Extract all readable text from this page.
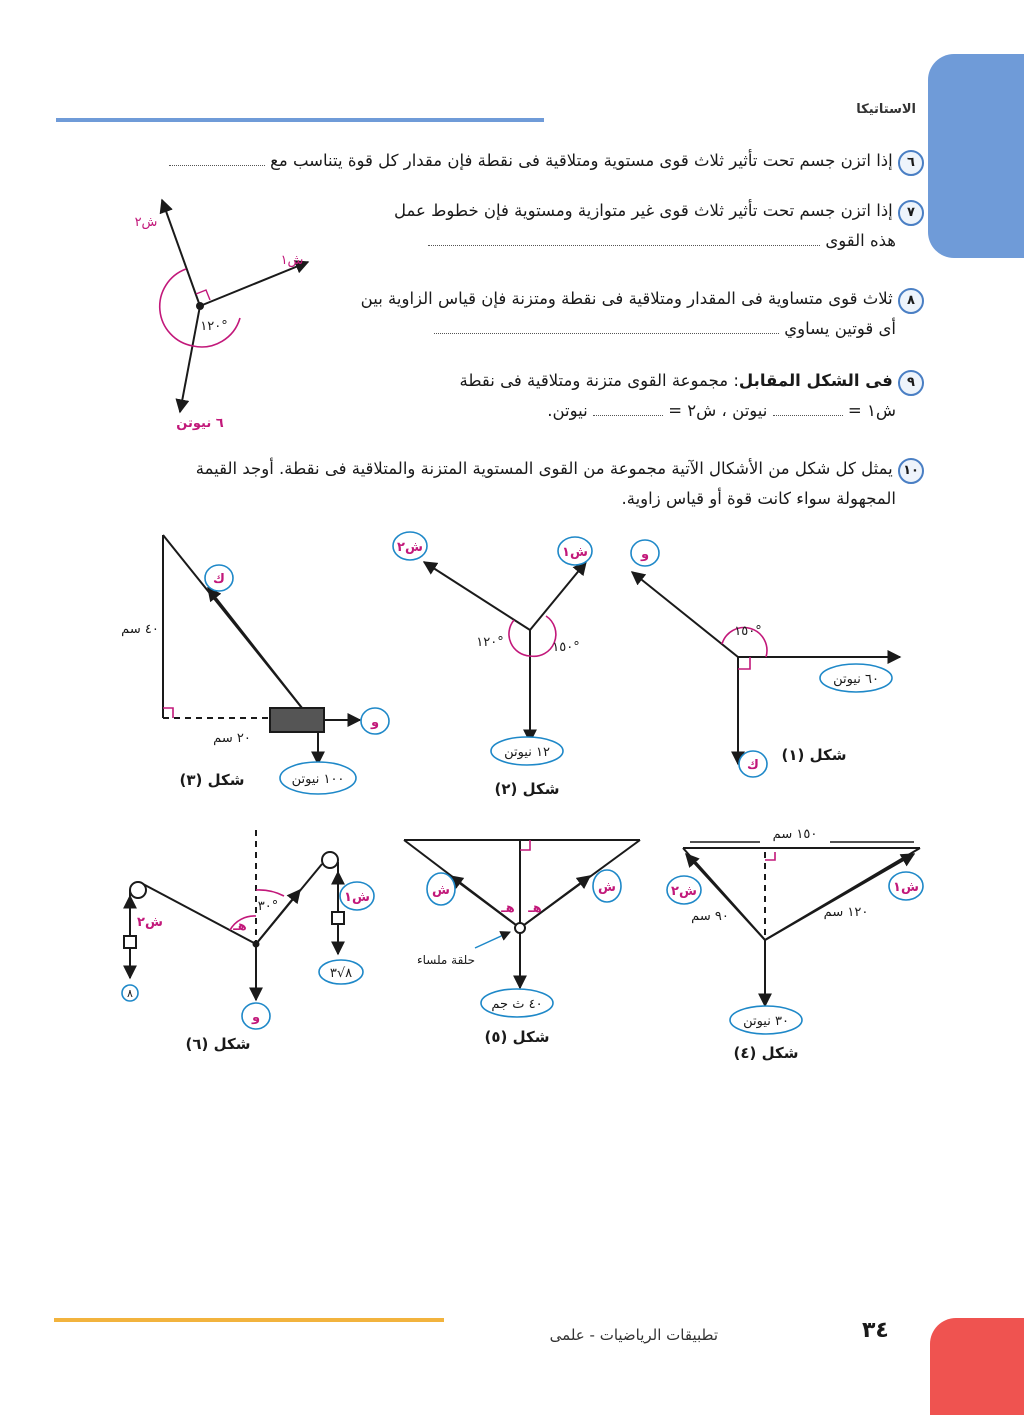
الاستاتيكا
٦ إذا اتزن جسم تحت تأثير ثلاث قوى مستوية ومتلاقية فى نقطة فإن مقدار كل قوة يتناسب مع
٧ إذا اتزن جسم تحت تأثير ثلاث قوى غير متوازية ومستوية فإن خطوط عمل
هذه القوى
٨ ثلاث قوى متساوية فى المقدار ومتلاقية فى نقطة ومتزنة فإن قياس الزاوية بين
أى قوتين يساوي
٩ فى الشكل المقابل: مجموعة القوى متزنة ومتلاقية فى نقطة
ش١ =  نيوتن ، ش٢ =  نيوتن.
١٠ يمثل كل شكل من الأشكال الآتية مجموعة من القوى المستوية المتزنة والمتلاقية فى نقطة. أوجد القيمة
المجهولة سواء كانت قوة أو قياس زاوية.
ش٢
ش١
١٢٠°
٦ نيوتن
و
٦٠ نيوتن
ك
١٥٠°
شكل (١)
ش٢	ش١
١٢٠°	١٥٠°
١٢ نيوتن
شكل (٢)
ك
و
٤٠ سم
٢٠ سم
١٠٠ نيوتن
شكل (٣)
١٥٠ سم
٩٠ سم	١٢٠ سم
ش٢	ش١
٣٠ نيوتن
شكل (٤)
ش	ش
هـ هـ
حلقة ملساء
٤٠ ث جم
شكل (٥)
ش١
ش٢
٣٠°
هـ
و
٨
٨√٣
شكل (٦)
تطبيقات الرياضيات - علمى	٣٤
